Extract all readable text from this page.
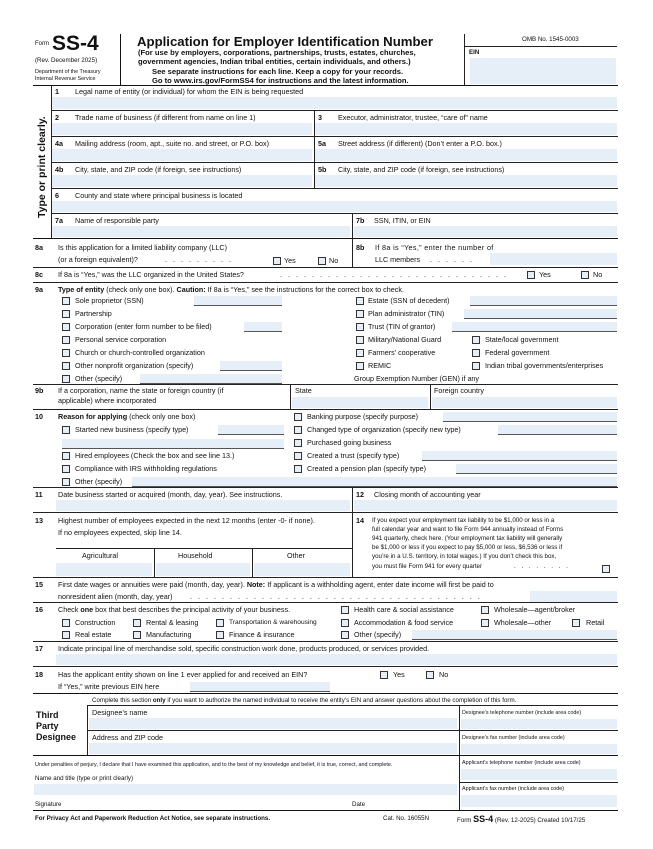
Form SS-4
(Rev. December 2025)
Department of the Treasury
Internal Revenue Service
Application for Employer Identification Number
(For use by employers, corporations, partnerships, trusts, estates, churches,
government agencies, Indian tribal entities, certain individuals, and others.)
See separate instructions for each line. Keep a copy for your records.
Go to www.irs.gov/FormSS4 for instructions and the latest information.
OMB No. 1545-0003
EIN
Type or print clearly.
1 Legal name of entity (or individual) for whom the EIN is being requested
2 Trade name of business (if different from name on line 1)	3 Executor, administrator, trustee, “care of” name
4a Mailing address (room, apt., suite no. and street, or P.O. box)	5a Street address (if different) (Don’t enter a P.O. box.)
4b City, state, and ZIP code (if foreign, see instructions)	5b City, state, and ZIP code (if foreign, see instructions)
6 County and state where principal business is located
7a Name of responsible party	7b SSN, ITIN, or EIN
8a Is this application for a limited liability company (LLC)
(or a foreign equivalent)?	. . . . . . . . .	Yes	No
8b If 8a is “Yes,” enter the number of
LLC members . . . . . .
8c If 8a is “Yes,” was the LLC organized in the United States?	. . . . . . . . . . . . . . . . . . . . . . . . . . . . .	Yes	No
9a Type of entity (check only one box). Caution: If 8a is “Yes,” see the instructions for the correct box to check.
Sole proprietor (SSN)
Partnership
Corporation (enter form number to be filed)
Personal service corporation
Church or church-controlled organization
Other nonprofit organization (specify)
Other (specify)
Estate (SSN of decedent)
Plan administrator (TIN)
Trust (TIN of grantor)
Military/National Guard
Farmers’ cooperative
REMIC
State/local government
Federal government
Indian tribal governments/enterprises
Group Exemption Number (GEN) if any
9b If a corporation, name the state or foreign country (if
applicable) where incorporated
State	Foreign country
10 Reason for applying (check only one box)
Started new business (specify type)
Hired employees (Check the box and see line 13.)
Compliance with IRS withholding regulations
Other (specify)
Banking purpose (specify purpose)
Changed type of organization (specify new type)
Purchased going business
Created a trust (specify type)
Created a pension plan (specify type)
11 Date business started or acquired (month, day, year). See instructions.	12 Closing month of accounting year
13 Highest number of employees expected in the next 12 months (enter -0- if none).
If no employees expected, skip line 14.
Agricultural	Household	Other
14 If you expect your employment tax liability to be $1,000 or less in a
full calendar year and want to file Form 944 annually instead of Forms
941 quarterly, check here. (Your employment tax liability will generally
be $1,000 or less if you expect to pay $5,000 or less, $6,536 or less if
you’re in a U.S. territory, in total wages.) If you don’t check this box,
you must file Form 941 for every quarter	. . . . . . . .
15 First date wages or annuities were paid (month, day, year). Note: If applicant is a withholding agent, enter date income will first be paid to
nonresident alien (month, day, year) . . . . . . . . . . . . . . . . . . . . . . . . . . . . . . . . . . . . .
16 Check one box that best describes the principal activity of your business.	Health care & social assistance	Wholesale—agent/broker
Construction	Rental & leasing	Transportation & warehousing	Accommodation & food service	Wholesale—other	Retail
Real estate	Manufacturing	Finance & insurance	Other (specify)
17 Indicate principal line of merchandise sold, specific construction work done, products produced, or services provided.
18 Has the applicant entity shown on line 1 ever applied for and received an EIN?	Yes	No
If “Yes,” write previous EIN here
Complete this section only if you want to authorize the named individual to receive the entity’s EIN and answer questions about the completion of this form.
Third
Party
Designee
Designee’s name	Designee’s telephone number (include area code)
Address and ZIP code	Designee’s fax number (include area code)
Under penalties of perjury, I declare that I have examined this application, and to the best of my knowledge and belief, it is true, correct, and complete.	Applicant’s telephone number (include area code)
Name and title (type or print clearly)
Applicant’s fax number (include area code)
Signature	Date
For Privacy Act and Paperwork Reduction Act Notice, see separate instructions.	Cat. No. 16055N	Form SS-4 (Rev. 12-2025) Created 10/17/25
